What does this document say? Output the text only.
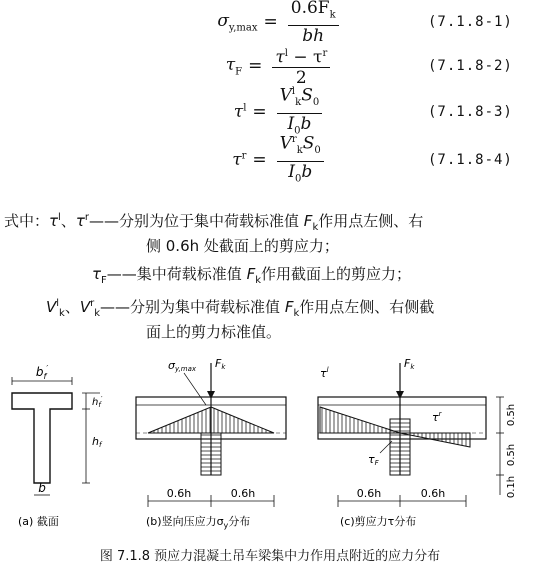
$\sigma_{y,max} = \frac{0.6F_k}{bh}$	(7.1.8-1)
$\tau_F = \frac{\tau^l - \tau^r}{2}$	(7.1.8-2)
$\tau^l = \frac{V^l_kS_0}{I_0b}$	(7.1.8-3)
$\tau^r = \frac{V^r_kS_0}{I_0b}$	(7.1.8-4)
式中：$\tau^l$、$\tau^r——$分别为位于集中荷载标准值 $F_k$作用点左侧、右
侧 0.6h 处截面上的剪应力；
$\tau_F——$集中荷载标准值 $F_k$作用截面上的剪应力；
$V^l_k$、$V^r_k——$分别为集中荷载标准值 $F_k$作用点左侧、右侧截
面上的剪力标准值。
$b_f'$
$h_f'$
hf
b
(a) 截面
Fk
σy,max
0.6h	0.6h
(b)竖向压应力$\sigma_y$分布
Fk
$\tau^l$
$\tau^r$
τF
0.5h
0.5h
0.1h
0.6h	0.6h
(c)剪应力τ分布
图 7.1.8 预应力混凝土吊车梁集中力作用点附近的应力分布
